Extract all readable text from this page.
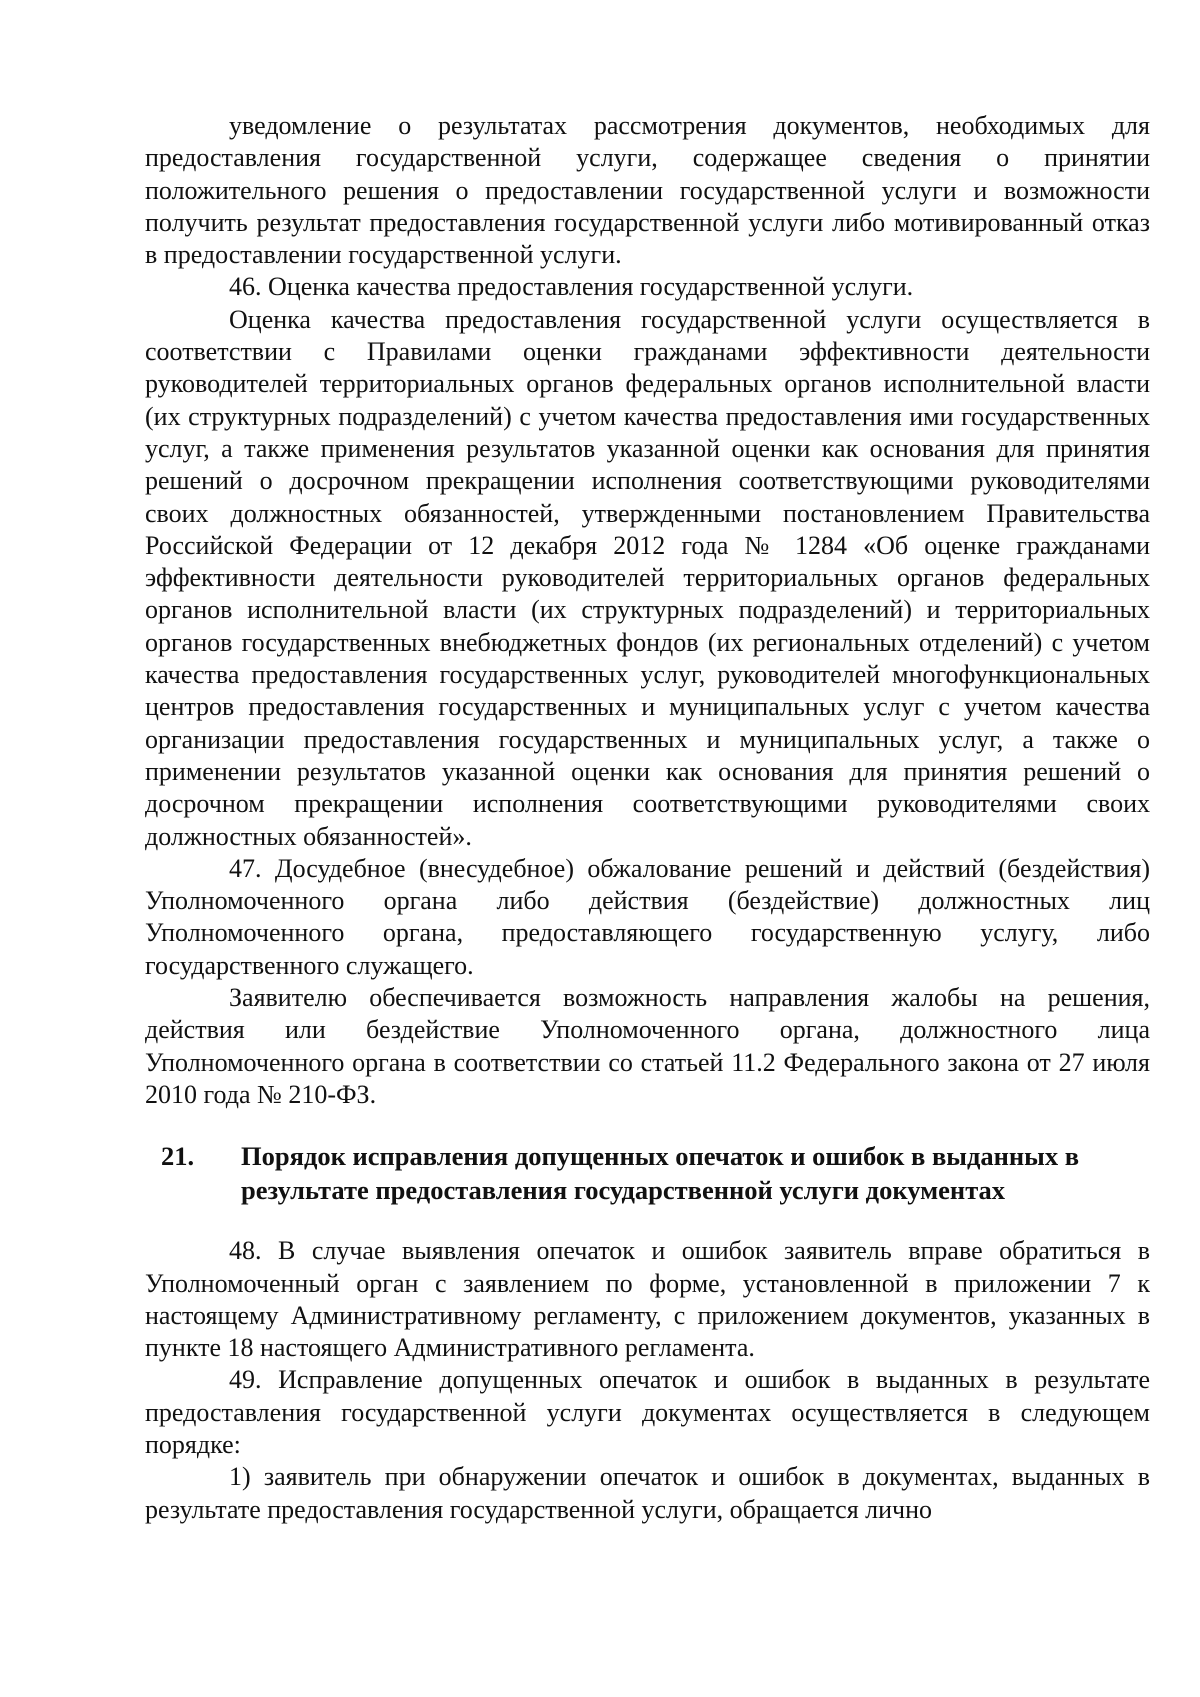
уведомление о результатах рассмотрения документов, необходимых для предоставления государственной услуги, содержащее сведения о принятии положительного решения о предоставлении государственной услуги и возможности получить результат предоставления государственной услуги либо мотивированный отказ в предоставлении государственной услуги.

46. Оценка качества предоставления государственной услуги.

Оценка качества предоставления государственной услуги осуществляется в соответствии с Правилами оценки гражданами эффективности деятельности руководителей территориальных органов федеральных органов исполнительной власти (их структурных подразделений) с учетом качества предоставления ими государственных услуг, а также применения результатов указанной оценки как основания для принятия решений о досрочном прекращении исполнения соответствующими руководителями своих должностных обязанностей, утвержденными постановлением Правительства Российской Федерации от 12 декабря 2012 года № 1284 «Об оценке гражданами эффективности деятельности руководителей территориальных органов федеральных органов исполнительной власти (их структурных подразделений) и территориальных органов государственных внебюджетных фондов (их региональных отделений) с учетом качества предоставления государственных услуг, руководителей многофункциональных центров предоставления государственных и муниципальных услуг с учетом качества организации предоставления государственных и муниципальных услуг, а также о применении результатов указанной оценки как основания для принятия решений о досрочном прекращении исполнения соответствующими руководителями своих должностных обязанностей».

47. Досудебное (внесудебное) обжалование решений и действий (бездействия) Уполномоченного органа либо действия (бездействие) должностных лиц Уполномоченного органа, предоставляющего государственную услугу, либо государственного служащего.

Заявителю обеспечивается возможность направления жалобы на решения, действия или бездействие Уполномоченного органа, должностного лица Уполномоченного органа в соответствии со статьей 11.2 Федерального закона от 27 июля 2010 года № 210-ФЗ.

21.	Порядок исправления допущенных опечаток и ошибок в выданных в результате предоставления государственной услуги документах

48. В случае выявления опечаток и ошибок заявитель вправе обратиться в Уполномоченный орган с заявлением по форме, установленной в приложении 7 к настоящему Административному регламенту, с приложением документов, указанных в пункте 18 настоящего Административного регламента.

49. Исправление допущенных опечаток и ошибок в выданных в результате предоставления государственной услуги документах осуществляется в следующем порядке:

1) заявитель при обнаружении опечаток и ошибок в документах, выданных в результате предоставления государственной услуги, обращается лично
